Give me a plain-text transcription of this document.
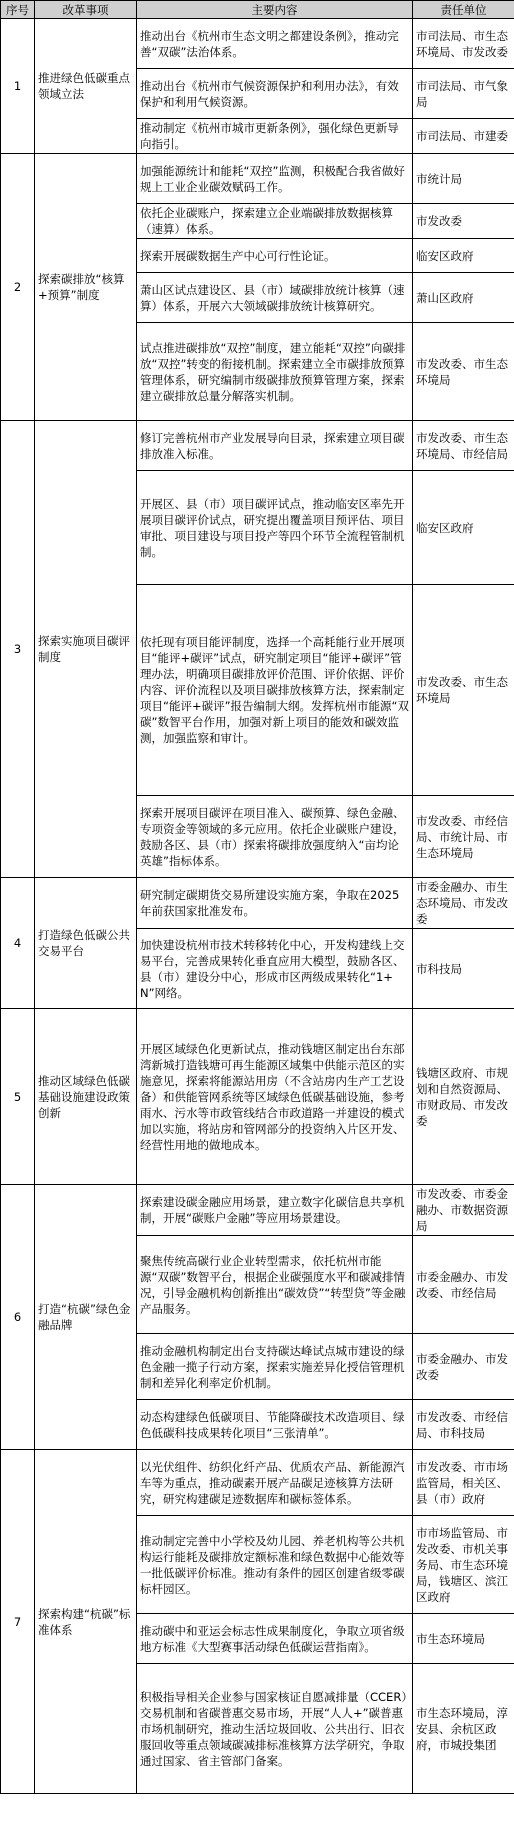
序号	改革事项	主要内容	责任单位
1	推进绿色低碳重点领域立法	推动出台《杭州市生态文明之都建设条例》，推动完善“双碳”法治体系。	市司法局、市生态环境局、市发改委
		推动出台《杭州市气候资源保护和利用办法》，有效保护和利用气候资源。	市司法局、市气象局
		推动制定《杭州市城市更新条例》，强化绿色更新导向指引。	市司法局、市建委
2	探索碳排放“核算+预算”制度	加强能源统计和能耗“双控”监测，积极配合我省做好规上工业企业碳效赋码工作。	市统计局
		依托企业碳账户，探索建立企业端碳排放数据核算（速算）体系。	市发改委
		探索开展碳数据生产中心可行性论证。	临安区政府
		萧山区试点建设区、县（市）域碳排放统计核算（速算）体系，开展六大领域碳排放统计核算研究。	萧山区政府
		试点推进碳排放“双控”制度，建立能耗“双控”向碳排放“双控”转变的衔接机制。探索建立全市碳排放预算管理体系，研究编制市级碳排放预算管理方案，探索建立碳排放总量分解落实机制。	市发改委、市生态环境局
3	探索实施项目碳评制度	修订完善杭州市产业发展导向目录，探索建立项目碳排放准入标准。	市发改委、市生态环境局、市经信局
		开展区、县（市）项目碳评试点，推动临安区率先开展项目碳评价试点，研究提出覆盖项目预评估、项目审批、项目建设与项目投产等四个环节全流程管制机制。	临安区政府
		依托现有项目能评制度，选择一个高耗能行业开展项目“能评+碳评”试点，研究制定项目“能评+碳评”管理办法，明确项目碳排放评价范围、评价依据、评价内容、评价流程以及项目碳排放核算方法，探索制定项目“能评+碳评”报告编制大纲。发挥杭州市能源“双碳”数智平台作用，加强对新上项目的能效和碳效监测，加强监察和审计。	市发改委、市生态环境局
		探索开展项目碳评在项目准入、碳预算、绿色金融、专项资金等领域的多元应用。依托企业碳账户建设，鼓励各区、县（市）探索将碳排放强度纳入“亩均论英雄”指标体系。	市发改委、市经信局、市统计局、市生态环境局
4	打造绿色低碳公共交易平台	研究制定碳期货交易所建设实施方案，争取在2025年前获国家批准发布。	市委金融办、市生态环境局、市发改委
		加快建设杭州市技术转移转化中心，开发构建线上交易平台，完善成果转化垂直应用大模型，鼓励各区、县（市）建设分中心，形成市区两级成果转化“1+N”网络。	市科技局
5	推动区域绿色低碳基础设施建设政策创新	开展区域绿色化更新试点，推动钱塘区制定出台东部湾新城打造钱塘可再生能源区域集中供能示范区的实施意见，探索将能源站用房（不含站房内生产工艺设备）和供能管网系统等区域绿色低碳基础设施，参考雨水、污水等市政管线结合市政道路一并建设的模式加以实施，将站房和管网部分的投资纳入片区开发、经营性用地的做地成本。	钱塘区政府、市规划和自然资源局、市财政局、市发改委
6	打造“杭碳”绿色金融品牌	探索建设碳金融应用场景，建立数字化碳信息共享机制，开展“碳账户金融”等应用场景建设。	市发改委、市委金融办、市数据资源局
		聚焦传统高碳行业企业转型需求，依托杭州市能源“双碳”数智平台，根据企业碳强度水平和碳减排情况，引导金融机构创新推出“碳效贷”“转型贷”等金融产品服务。	市委金融办、市发改委、市经信局
		推动金融机构制定出台支持碳达峰试点城市建设的绿色金融一揽子行动方案，探索实施差异化授信管理机制和差异化利率定价机制。	市委金融办、市发改委
		动态构建绿色低碳项目、节能降碳技术改造项目、绿色低碳科技成果转化项目“三张清单”。	市发改委、市经信局、市科技局
7	探索构建“杭碳”标准体系	以光伏组件、纺织化纤产品、优质农产品、新能源汽车等为重点，推动碳素开展产品碳足迹核算方法研究，研究构建碳足迹数据库和碳标签体系。	市发改委、市市场监管局，相关区、县（市）政府
		推动制定完善中小学校及幼儿园、养老机构等公共机构运行能耗及碳排放定额标准和绿色数据中心能效等一批低碳评价标准。推动有条件的园区创建省级零碳标杆园区。	市市场监管局、市发改委、市机关事务局、市生态环境局，钱塘区、滨江区政府
		推动碳中和亚运会标志性成果制度化，争取立项省级地方标准《大型赛事活动绿色低碳运营指南》。	市生态环境局
		积极指导相关企业参与国家核证自愿减排量（CCER）交易机制和省碳普惠交易市场，开展“人人+”碳普惠市场机制研究，推动生活垃圾回收、公共出行、旧衣服回收等重点领域碳减排标准核算方法学研究，争取通过国家、省主管部门备案。	市生态环境局，淳安县、余杭区政府，市城投集团
